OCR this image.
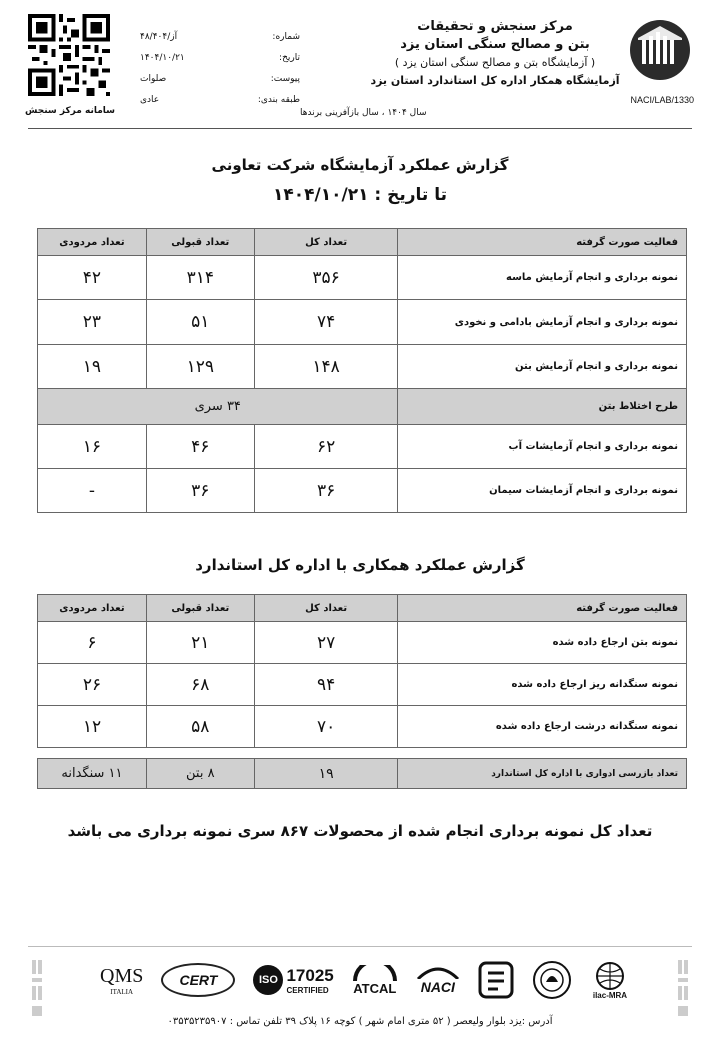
NACI/LAB/1330
مرکز سنجش و تحقیقات
بتن و مصالح سنگی استان یزد
( آزمایشگاه بتن و مصالح سنگی استان یزد )
آزمایشگاه همکار اداره کل استاندارد استان یزد
شماره:
آز/۴۸/۴۰۴
تاریخ:
۱۴۰۴/۱۰/۲۱
پیوست:
صلوات
طبقه بندی:
عادی
سامانه مرکز سنجش	سال ۱۴۰۴ ، سال بازآفرینی برندها
گزارش عملکرد آزمایشگاه شرکت تعاونی
تا تاریخ : ۱۴۰۴/۱۰/۲۱
فعالیت صورت گرفته	تعداد کل	تعداد قبولی	تعداد مردودی
نمونه برداری و انجام آزمایش ماسه	۳۵۶	۳۱۴	۴۲
نمونه برداری و انجام آزمایش بادامی و نخودی	۷۴	۵۱	۲۳
نمونه برداری و انجام آزمایش بتن	۱۴۸	۱۲۹	۱۹
طرح اختلاط بتن	۳۴ سری		
نمونه برداری و انجام آزمایشات آب	۶۲	۴۶	۱۶
نمونه برداری و انجام آزمایشات سیمان	۳۶	۳۶	-
گزارش عملکرد همکاری با اداره کل استاندارد
فعالیت صورت گرفته	تعداد کل	تعداد قبولی	تعداد مردودی
نمونه بتن ارجاع داده شده	۲۷	۲۱	۶
نمونه سنگدانه ریز ارجاع داده شده	۹۴	۶۸	۲۶
نمونه سنگدانه درشت ارجاع داده شده	۷۰	۵۸	۱۲
تعداد بازرسی ادواری با اداره کل استاندارد	۱۹	۸ بتن	۱۱ سنگدانه
تعداد کل نمونه برداری انجام شده از محصولات ۸۶۷ سری نمونه برداری می باشد
QMS
ITALIA
CERT	ISO 17025
CERTIFIED	ATCAL NACI	ilac-MRA
آدرس :یزد بلوار ولیعصر ( ۵۲ متری امام شهر ) کوچه ۱۶ پلاک ۳۹ تلفن تماس : ۰۳۵۳۵۲۳۵۹۰۷
